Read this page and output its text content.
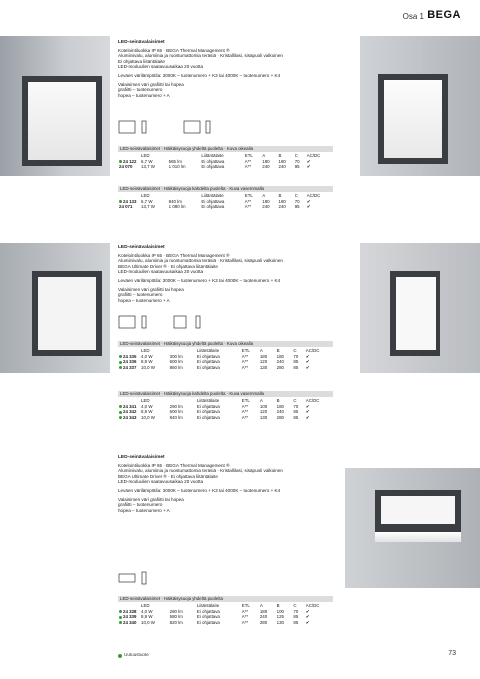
Osa 1 BEGA
LED-seinävalaisimet

Kotelointiluokka IP 65 · BEGA Thermal Management ®

Alumiinivalu, alumiinia ja ruostumattomia teräsiä · Kristallilasi, sisäpuoli valkoinen

Ei ohjattava liitäntälaite

LED-moduulien saatavuusaikaa 20 vuotta

Leväen värilämpötila: 3000K – tuotenumero + K3 tai 4000K – tuotenumero + K4

Valaisimen väri grafiitti tai hopea

grafiitti – tuotenumero

hopea – tuotenumero + A

LED-seinävalaisimet · Häikäisysuoja yhdeltä puolelta · Kuva oikealla
	LED		Liitäntälaite	ETL	A	B	C	AC/DC
24 122	6,7 W	585 lm	Ei ohjattava	A**	180	180	70	✔
24 070	13,7 W	1 010 lm	Ei ohjattava	A**	240	240	85	✔
LED-seinävalaisimet · Häikäisysuoja kahdelta puolelta · Kuva vasemmalla
	LED		Liitäntälaite	ETL	A	B	C	AC/DC
24 133	6,7 W	840 lm	Ei ohjattava	A**	180	180	70	✔
24 071	13,7 W	1 080 lm	Ei ohjattava	A**	240	240	85	✔
LED-seinävalaisimet

Kotelointiluokka IP 65 · BEGA Thermal Management ®

Alumiinivalu, alumiinia ja ruostumattomia teräsiä · Kristallilasi, sisäpuoli valkoinen

BEGA Ultimate Driver ® · Ei ohjattava liitäntälaite

LED-moduulien saatavuusaikaa 20 vuotta

Leväen värilämpötila: 3000K – tuotenumero + K3 tai 4000K – tuotenumero + K4

Valaisimen väri grafiitti tai hopea

grafiitti – tuotenumero

hopea – tuotenumero + A

LED-seinävalaisimet · Häikäisysuoja yhdeltä puolelta · Kuva oikealla
	LED		Liitäntälaite	ETL	A	B	C	AC/DC
24 335	4,0 W	300 lm	Ei ohjattava	A**	180	180	70	✔
24 336	8,9 W	600 lm	Ei ohjattava	A**	120	240	85	✔
24 337	10,0 W	860 lm	Ei ohjattava	A**	130	280	85	✔
LED-seinävalaisimet · Häikäisysuoja kahdelta puolelta · Kuva vasemmalla
	LED		Liitäntälaite	ETL	A	B	C	AC/DC
24 341	4,0 W	290 lm	Ei ohjattava	A**	100	180	70	✔
24 342	8,9 W	600 lm	Ei ohjattava	A**	120	240	85	✔
24 343	10,0 W	840 lm	Ei ohjattava	A**	130	280	85	✔
LED-seinävalaisimet

Kotelointiluokka IP 65 · BEGA Thermal Management ®

Alumiinivalu, alumiinia ja ruostumattomia teräsiä · Kristallilasi, sisäpuoli valkoinen

BEGA Ultimate Driver ® · Ei ohjattava liitäntälaite

LED-moduulien saatavuusaikaa 20 vuotta

Leväen värilämpötila: 3000K – tuotenumero + K3 tai 4000K – tuotenumero + K4

Valaisimen väri grafiitti tai hopea

grafiitti – tuotenumero

hopea – tuotenumero + A

LED-seinävalaisimet · Häikäisysuoja yhdeltä puolelta
	LED		Liitäntälaite	ETL	A	B	C	AC/DC
24 338	4,0 W	280 lm	Ei ohjattava	A**	180	100	70	✔
24 339	8,9 W	580 lm	Ei ohjattava	A**	240	125	85	✔
24 340	10,0 W	820 lm	Ei ohjattava	A**	280	130	85	✔
Uutuustuote	73
